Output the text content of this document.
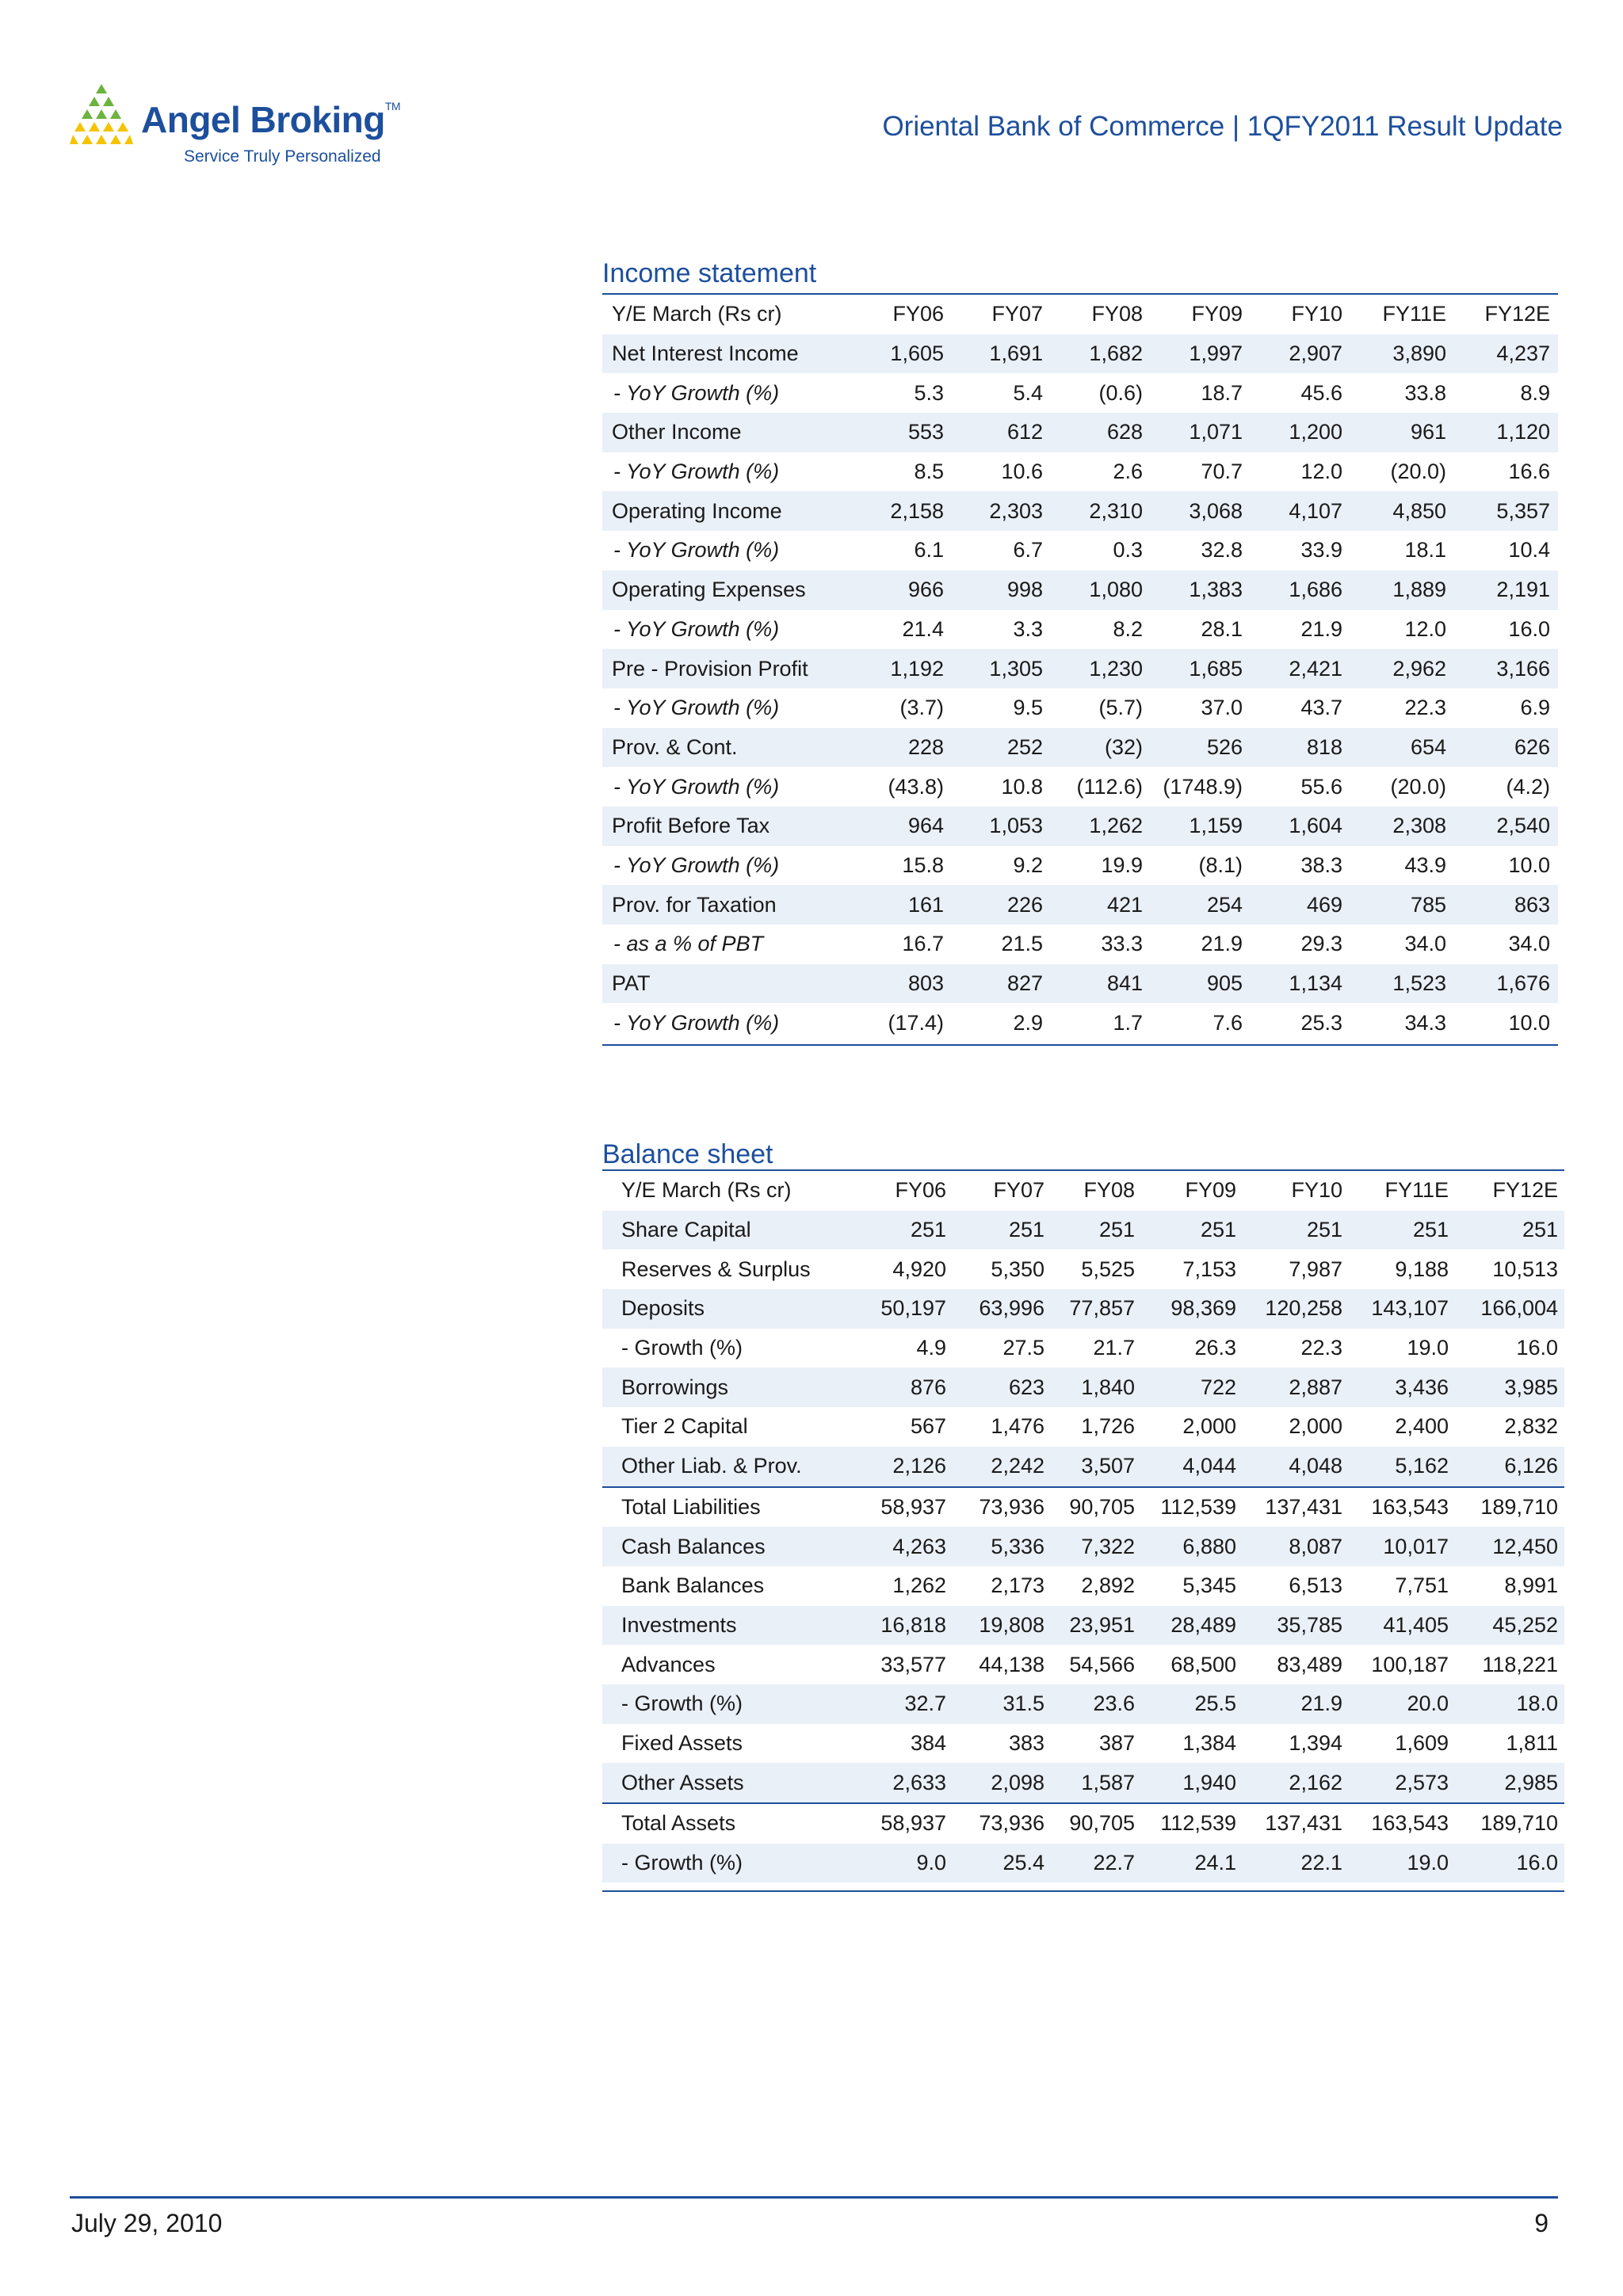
Angel Broking™
Service Truly Personalized
Oriental Bank of Commerce | 1QFY2011 Result Update
Income statement
Y/E March (Rs cr)	FY06	FY07	FY08	FY09	FY10	FY11E	FY12E
Net Interest Income	1,605	1,691	1,682	1,997	2,907	3,890	4,237
- YoY Growth (%)	5.3	5.4	(0.6)	18.7	45.6	33.8	8.9
Other Income	553	612	628	1,071	1,200	961	1,120
- YoY Growth (%)	8.5	10.6	2.6	70.7	12.0	(20.0)	16.6
Operating Income	2,158	2,303	2,310	3,068	4,107	4,850	5,357
- YoY Growth (%)	6.1	6.7	0.3	32.8	33.9	18.1	10.4
Operating Expenses	966	998	1,080	1,383	1,686	1,889	2,191
- YoY Growth (%)	21.4	3.3	8.2	28.1	21.9	12.0	16.0
Pre - Provision Profit	1,192	1,305	1,230	1,685	2,421	2,962	3,166
- YoY Growth (%)	(3.7)	9.5	(5.7)	37.0	43.7	22.3	6.9
Prov. & Cont.	228	252	(32)	526	818	654	626
- YoY Growth (%)	(43.8)	10.8	(112.6)	(1748.9)	55.6	(20.0)	(4.2)
Profit Before Tax	964	1,053	1,262	1,159	1,604	2,308	2,540
- YoY Growth (%)	15.8	9.2	19.9	(8.1)	38.3	43.9	10.0
Prov. for Taxation	161	226	421	254	469	785	863
- as a % of PBT	16.7	21.5	33.3	21.9	29.3	34.0	34.0
PAT	803	827	841	905	1,134	1,523	1,676
- YoY Growth (%)	(17.4)	2.9	1.7	7.6	25.3	34.3	10.0
Balance sheet
Y/E March (Rs cr)	FY06	FY07	FY08	FY09	FY10	FY11E	FY12E
Share Capital	251	251	251	251	251	251	251
Reserves & Surplus	4,920	5,350	5,525	7,153	7,987	9,188	10,513
Deposits	50,197	63,996	77,857	98,369	120,258	143,107	166,004
- Growth (%)	4.9	27.5	21.7	26.3	22.3	19.0	16.0
Borrowings	876	623	1,840	722	2,887	3,436	3,985
Tier 2 Capital	567	1,476	1,726	2,000	2,000	2,400	2,832
Other Liab. & Prov.	2,126	2,242	3,507	4,044	4,048	5,162	6,126
Total Liabilities	58,937	73,936	90,705	112,539	137,431	163,543	189,710
Cash Balances	4,263	5,336	7,322	6,880	8,087	10,017	12,450
Bank Balances	1,262	2,173	2,892	5,345	6,513	7,751	8,991
Investments	16,818	19,808	23,951	28,489	35,785	41,405	45,252
Advances	33,577	44,138	54,566	68,500	83,489	100,187	118,221
- Growth (%)	32.7	31.5	23.6	25.5	21.9	20.0	18.0
Fixed Assets	384	383	387	1,384	1,394	1,609	1,811
Other Assets	2,633	2,098	1,587	1,940	2,162	2,573	2,985
Total Assets	58,937	73,936	90,705	112,539	137,431	163,543	189,710
- Growth (%)	9.0	25.4	22.7	24.1	22.1	19.0	16.0
July 29, 2010	9
